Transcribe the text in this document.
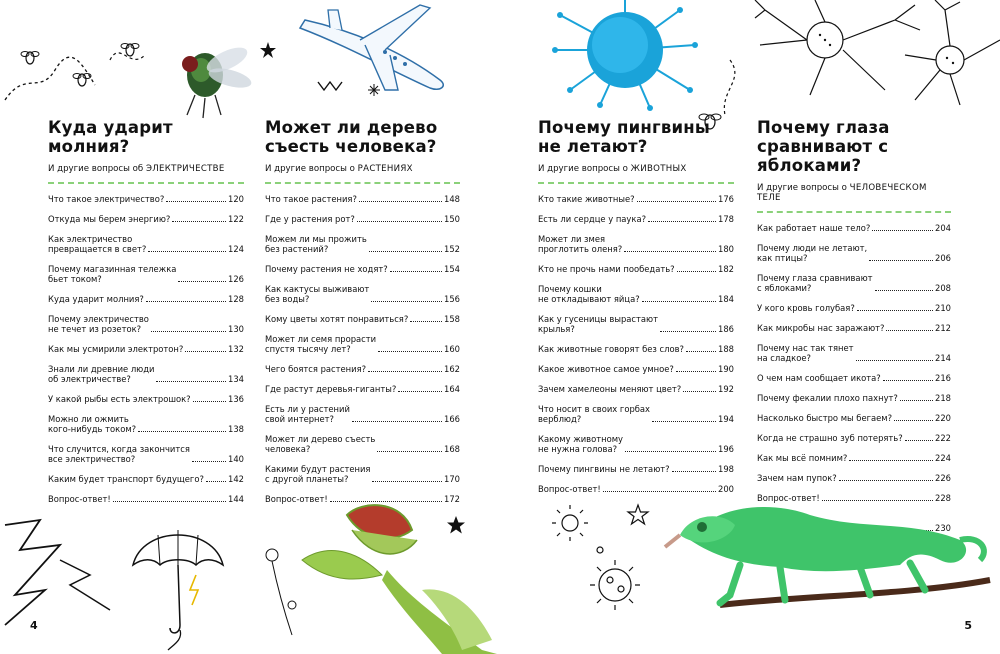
Куда ударит
молния?
И другие вопросы об ЭЛЕКТРИЧЕСТВЕ
Что такое электричество?	120
Откуда мы берем энергию?	122
Как электричество
превращается в свет?	124
Почему магазинная тележка
бьет током?	126
Куда ударит молния?	128
Почему электричество
не течет из розеток?	130
Как мы усмирили электротон?	132
Знали ли древние люди
об электричестве?	134
У какой рыбы есть электрошок?	136
Можно ли ожмить
кого-нибудь током?	138
Что случится, когда закончится
все электричество?	140
Каким будет транспорт будущего?	142
Вопрос-ответ!	144
Может ли дерево
съесть человека?
И другие вопросы о РАСТЕНИЯХ
Что такое растения?	148
Где у растения рот?	150
Можем ли мы прожить
без растений?	152
Почему растения не ходят?	154
Как кактусы выживают
без воды?	156
Кому цветы хотят понравиться?	158
Может ли семя прорасти
спустя тысячу лет?	160
Чего боятся растения?	162
Где растут деревья-гиганты?	164
Есть ли у растений
свой интернет?	166
Может ли дерево съесть
человека?	168
Какими будут растения
с другой планеты?	170
Вопрос-ответ!	172
4
Почему пингвины
не летают?
И другие вопросы о ЖИВОТНЫХ
Кто такие животные?	176
Есть ли сердце у паука?	178
Может ли змея
проглотить оленя?	180
Кто не прочь нами пообедать?	182
Почему кошки
не откладывают яйца?	184
Как у гусеницы вырастают
крылья?	186
Как животные говорят без слов?	188
Какое животное самое умное?	190
Зачем хамелеоны меняют цвет?	192
Что носит в своих горбах
верблюд?	194
Какому животному
не нужна голова?	196
Почему пингвины не летают?	198
Вопрос-ответ!	200
Почему глаза
сравнивают с яблоками?
И другие вопросы о ЧЕЛОВЕЧЕСКОМ ТЕЛЕ
Как работает наше тело?	204
Почему люди не летают,
как птицы?	206
Почему глаза сравнивают
с яблоками?	208
У кого кровь голубая?	210
Как микробы нас заражают?	212
Почему нас так тянет
на сладкое?	214
О чем нам сообщает икота?	216
Почему фекалии плохо пахнут?	218
Насколько быстро мы бегаем?	220
Когда не страшно зуб потерять?	222
Как мы всё помним?	224
Зачем нам пупок?	226
Вопрос-ответ!	228
230
5
